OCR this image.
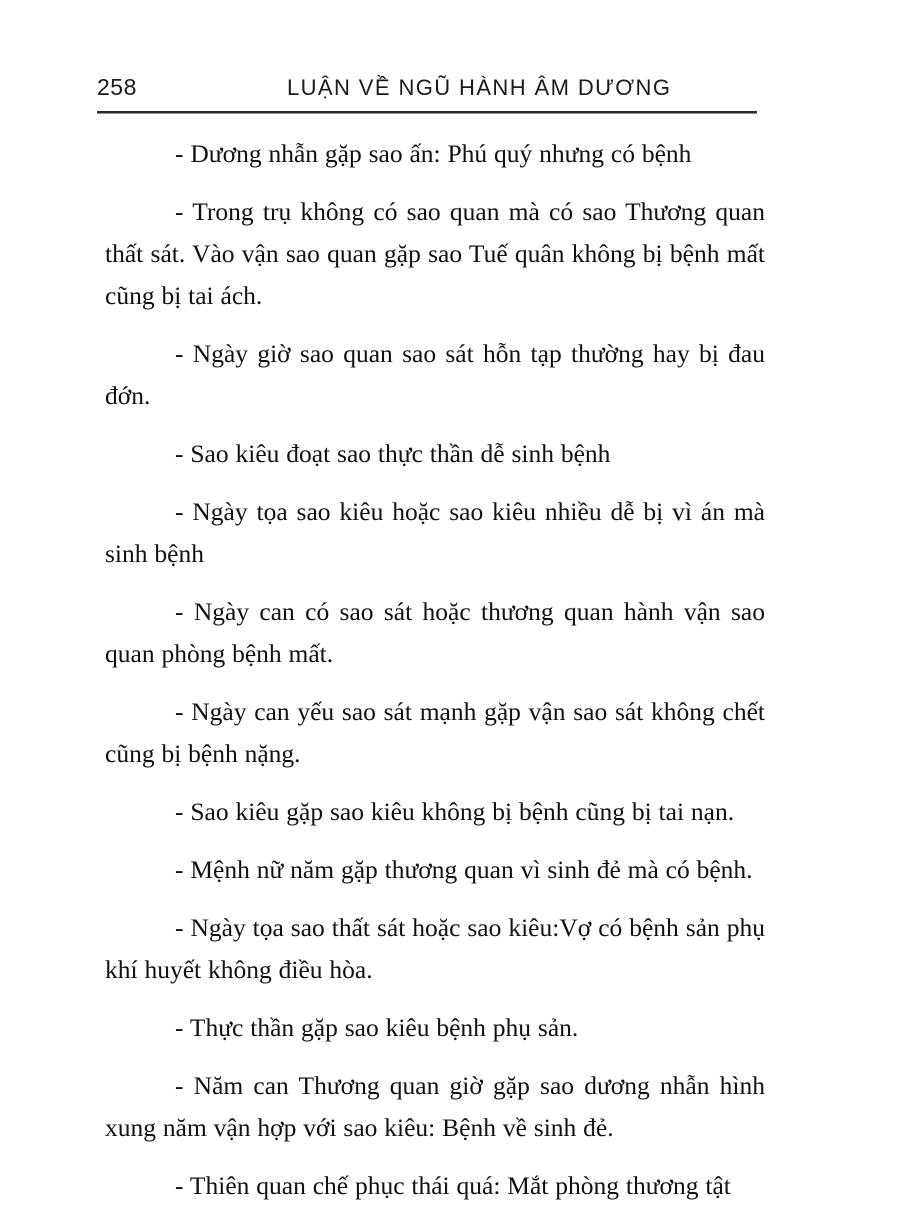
258	LUẬN VỀ NGŨ HÀNH ÂM DƯƠNG

- Dương nhẫn gặp sao ấn: Phú quý nhưng có bệnh

- Trong trụ không có sao quan mà có sao Thương quan thất sát. Vào vận sao quan gặp sao Tuế quân không bị bệnh mất cũng bị tai ách.

- Ngày giờ sao quan sao sát hỗn tạp thường hay bị đau đớn.

- Sao kiêu đoạt sao thực thần dễ sinh bệnh

- Ngày tọa sao kiêu hoặc sao kiêu nhiều dễ bị vì án mà sinh bệnh

- Ngày can có sao sát hoặc thương quan hành vận sao quan phòng bệnh mất.

- Ngày can yếu sao sát mạnh gặp vận sao sát không chết cũng bị bệnh nặng.

- Sao kiêu gặp sao kiêu không bị bệnh cũng bị tai nạn.

- Mệnh nữ năm gặp thương quan vì sinh đẻ mà có bệnh.

- Ngày tọa sao thất sát hoặc sao kiêu:Vợ có bệnh sản phụ khí huyết không điều hòa.

- Thực thần gặp sao kiêu bệnh phụ sản.

- Năm can Thương quan giờ gặp sao dương nhẫn hình xung năm vận hợp với sao kiêu: Bệnh về sinh đẻ.

- Thiên quan chế phục thái quá: Mắt phòng thương tật
